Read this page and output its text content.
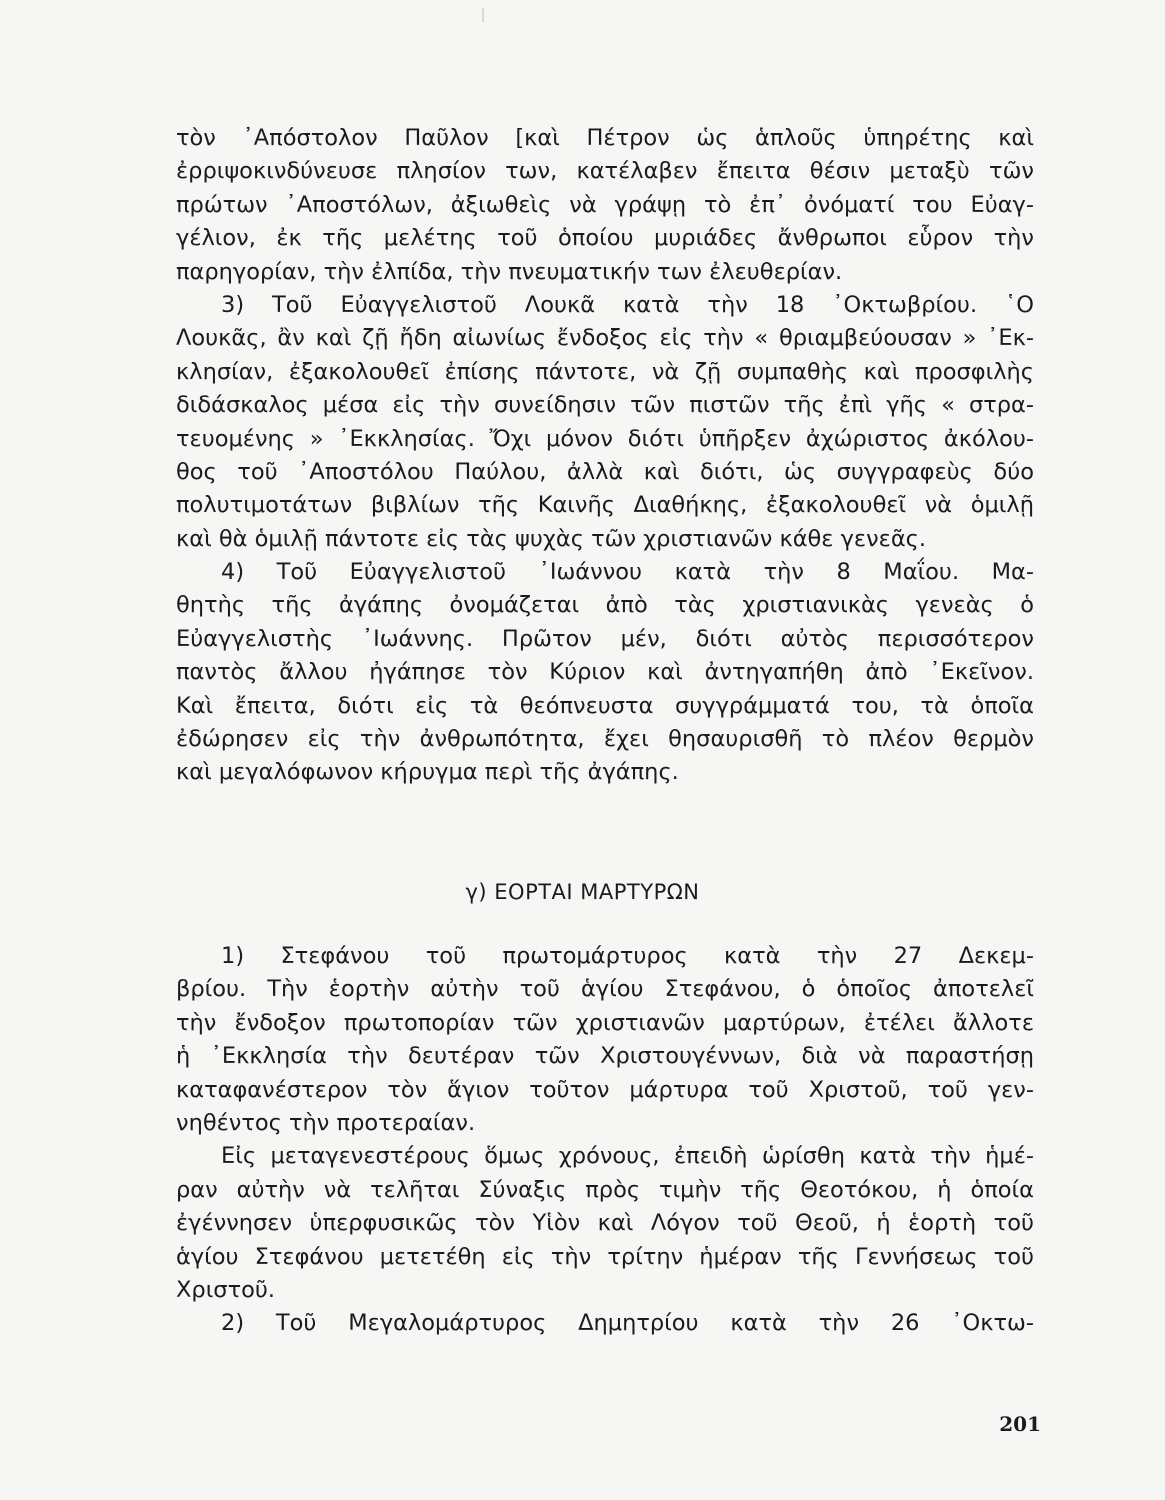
τὸν ᾿Απόστολον Παῦλον [καὶ Πέτρον ὡς ἁπλοῦς ὑπηρέτης καὶ
ἐρριψοκινδύνευσε πλησίον των, κατέλαβεν ἔπειτα θέσιν μεταξὺ τῶν
πρώτων ᾿Αποστόλων, ἀξιωθεὶς νὰ γράψῃ τὸ ἐπ᾿ ὀνόματί του Εὐαγ-
γέλιον, ἐκ τῆς μελέτης τοῦ ὁποίου μυριάδες ἄνθρωποι εὗρον τὴν
παρηγορίαν, τὴν ἐλπίδα, τὴν πνευματικήν των ἐλευθερίαν.
3) Τοῦ Εὐαγγελιστοῦ Λουκᾶ κατὰ τὴν 18 ᾿Οκτωβρίου. ῾Ο
Λουκᾶς, ἂν καὶ ζῇ ἤδη αἰωνίως ἔνδοξος εἰς τὴν « θριαμβεύουσαν » ᾿Εκ-
κλησίαν, ἐξακολουθεῖ ἐπίσης πάντοτε, νὰ ζῇ συμπαθὴς καὶ προσφιλὴς
διδάσκαλος μέσα εἰς τὴν συνείδησιν τῶν πιστῶν τῆς ἐπὶ γῆς « στρα-
τευομένης » ᾿Εκκλησίας. Ὄχι μόνον διότι ὑπῆρξεν ἀχώριστος ἀκόλου-
θος τοῦ ᾿Αποστόλου Παύλου, ἀλλὰ καὶ διότι, ὡς συγγραφεὺς δύο
πολυτιμοτάτων βιβλίων τῆς Καινῆς Διαθήκης, ἐξακολουθεῖ νὰ ὁμιλῇ
καὶ θὰ ὁμιλῇ πάντοτε εἰς τὰς ψυχὰς τῶν χριστιανῶν κάθε γενεᾶς.
4) Τοῦ Εὐαγγελιστοῦ ᾿Ιωάννου κατὰ τὴν 8 Μαΐου. Μα-
θητὴς τῆς ἀγάπης ὀνομάζεται ἀπὸ τὰς χριστιανικὰς γενεὰς ὁ
Εὐαγγελιστὴς ᾿Ιωάννης. Πρῶτον μέν, διότι αὐτὸς περισσότερον
παντὸς ἄλλου ἠγάπησε τὸν Κύριον καὶ ἀντηγαπήθη ἀπὸ ᾿Εκεῖνον.
Καὶ ἔπειτα, διότι εἰς τὰ θεόπνευστα συγγράμματά του, τὰ ὁποῖα
ἐδώρησεν εἰς τὴν ἀνθρωπότητα, ἔχει θησαυρισθῆ τὸ πλέον θερμὸν
καὶ μεγαλόφωνον κήρυγμα περὶ τῆς ἀγάπης.
γ) ΕΟΡΤΑΙ ΜΑΡΤΥΡΩΝ
1) Στεφάνου τοῦ πρωτομάρτυρος κατὰ τὴν 27 Δεκεμ-
βρίου. Τὴν ἑορτὴν αὐτὴν τοῦ ἁγίου Στεφάνου, ὁ ὁποῖος ἀποτελεῖ
τὴν ἔνδοξον πρωτοπορίαν τῶν χριστιανῶν μαρτύρων, ἐτέλει ἄλλοτε
ἡ ᾿Εκκλησία τὴν δευτέραν τῶν Χριστουγέννων, διὰ νὰ παραστήσῃ
καταφανέστερον τὸν ἅγιον τοῦτον μάρτυρα τοῦ Χριστοῦ, τοῦ γεν-
νηθέντος τὴν προτεραίαν.
Εἰς μεταγενεστέρους ὅμως χρόνους, ἐπειδὴ ὡρίσθη κατὰ τὴν ἡμέ-
ραν αὐτὴν νὰ τελῆται Σύναξις πρὸς τιμὴν τῆς Θεοτόκου, ἡ ὁποία
ἐγέννησεν ὑπερφυσικῶς τὸν Υἱὸν καὶ Λόγον τοῦ Θεοῦ, ἡ ἑορτὴ τοῦ
ἁγίου Στεφάνου μετετέθη εἰς τὴν τρίτην ἡμέραν τῆς Γεννήσεως τοῦ
Χριστοῦ.
2) Τοῦ Μεγαλομάρτυρος Δημητρίου κατὰ τὴν 26 ᾿Οκτω-
201
